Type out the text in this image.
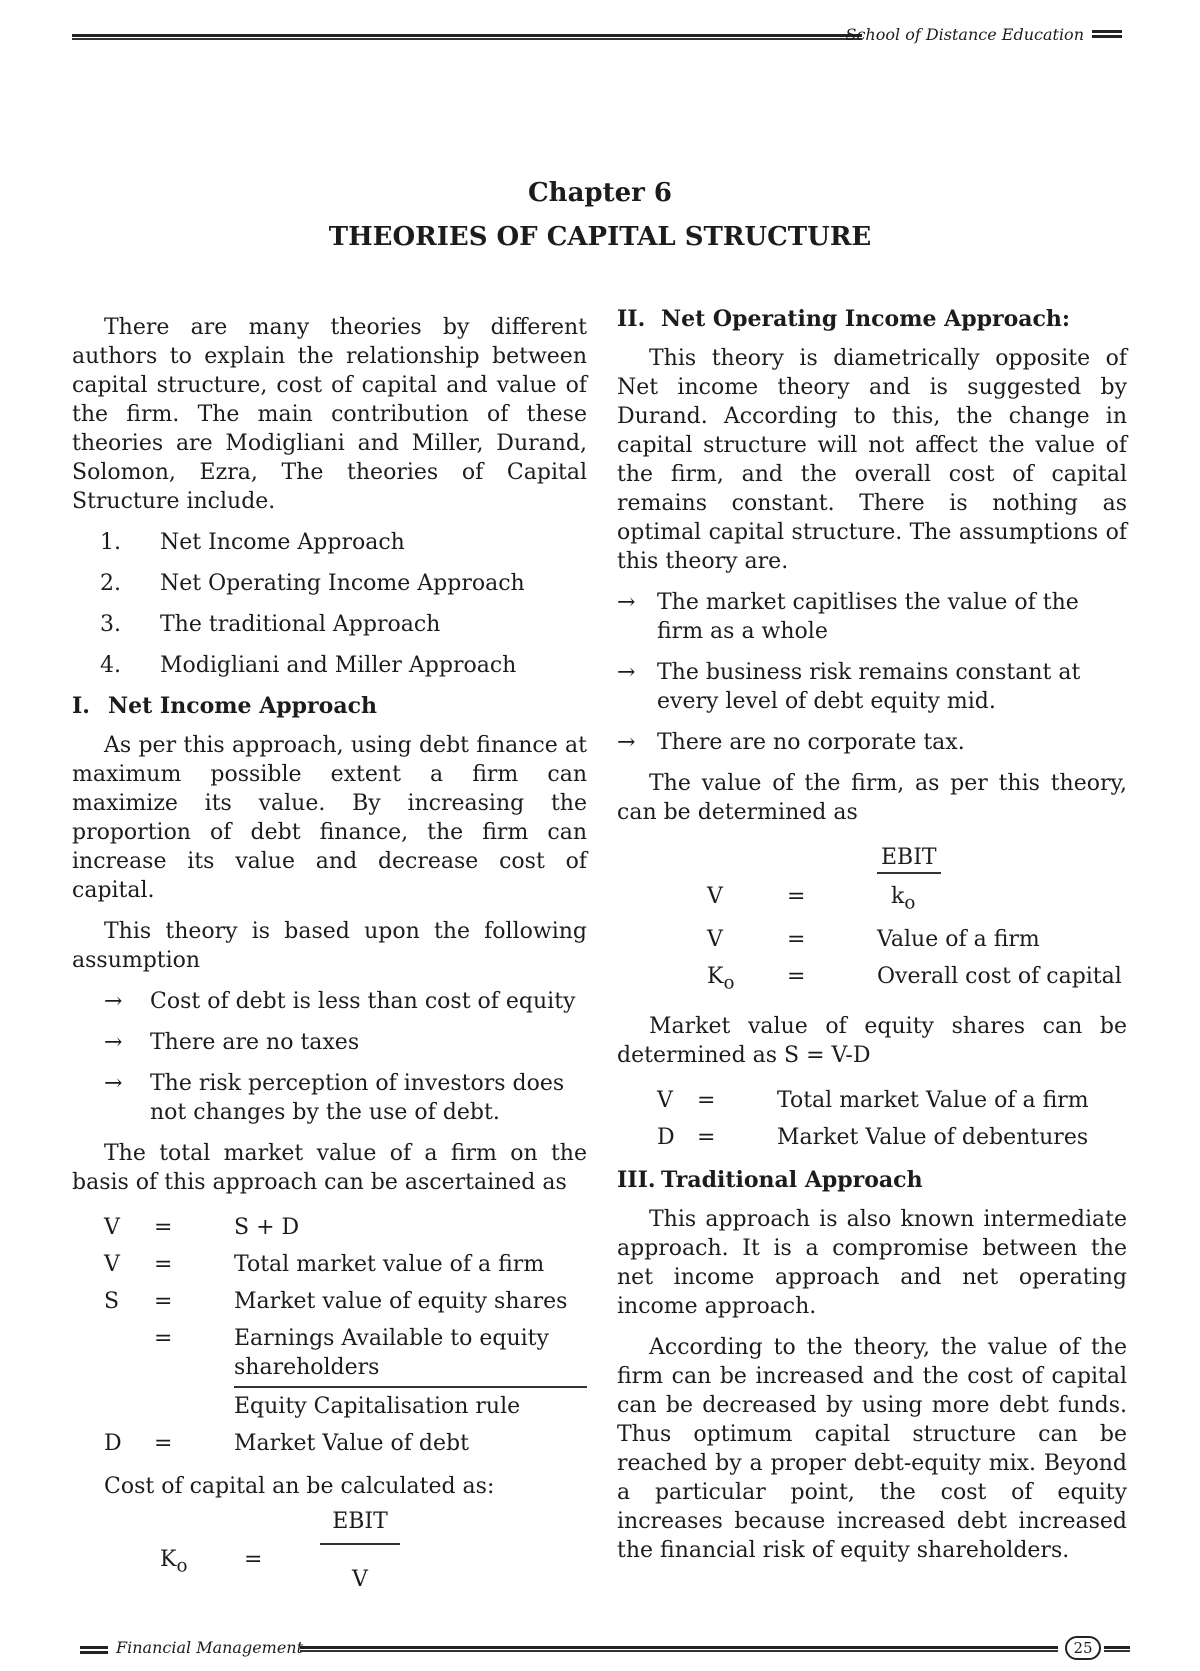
School of Distance Education
Chapter 6
THEORIES OF CAPITAL STRUCTURE

There are many theories by different authors to explain the relationship between capital structure, cost of capital and value of the firm. The main contribution of these theories are Modigliani and Miller, Durand, Solomon, Ezra, The theories of Capital Structure include.

1.	Net Income Approach
2.	Net Operating Income Approach
3.	The traditional Approach
4.	Modigliani and Miller Approach
I. Net Income Approach

As per this approach, using debt finance at maximum possible extent a firm can maximize its value. By increasing the proportion of debt finance, the firm can increase its value and decrease cost of capital.

This theory is based upon the following assumption

→	Cost of debt is less than cost of equity
→	There are no taxes
→	The risk perception of investors does not changes by the use of debt.

The total market value of a firm on the basis of this approach can be ascertained as

V	=	S + D
V	=	Total market value of a firm
S	=	Market value of equity shares
=	Earnings Available to equity shareholders
Equity Capitalisation rule
D	=	Market Value of debt

Cost of capital an be calculated as:

$K_o$	=
EBIT
V
II. Net Operating Income Approach:

This theory is diametrically opposite of Net income theory and is suggested by Durand. According to this, the change in capital structure will not affect the value of the firm, and the overall cost of capital remains constant. There is nothing as optimal capital structure. The assumptions of this theory are.

→ The market capitlises the value of the firm as a whole
→ The business risk remains constant at every level of debt equity mid.
→ There are no corporate tax.

The value of the firm, as per this theory, can be determined as

EBIT
V	=	$k_o$
V	=	Value of a firm
$K_o$	=	Overall cost of capital

Market value of equity shares can be determined as S = V-D

V	=	Total market Value of a firm
D	=	Market Value of debentures
III. Traditional Approach

This approach is also known intermediate approach. It is a compromise between the net income approach and net operating income approach.

According to the theory, the value of the firm can be increased and the cost of capital can be decreased by using more debt funds. Thus optimum capital structure can be reached by a proper debt-equity mix. Beyond a particular point, the cost of equity increases because increased debt increased the financial risk of equity shareholders.

Financial Management	25
